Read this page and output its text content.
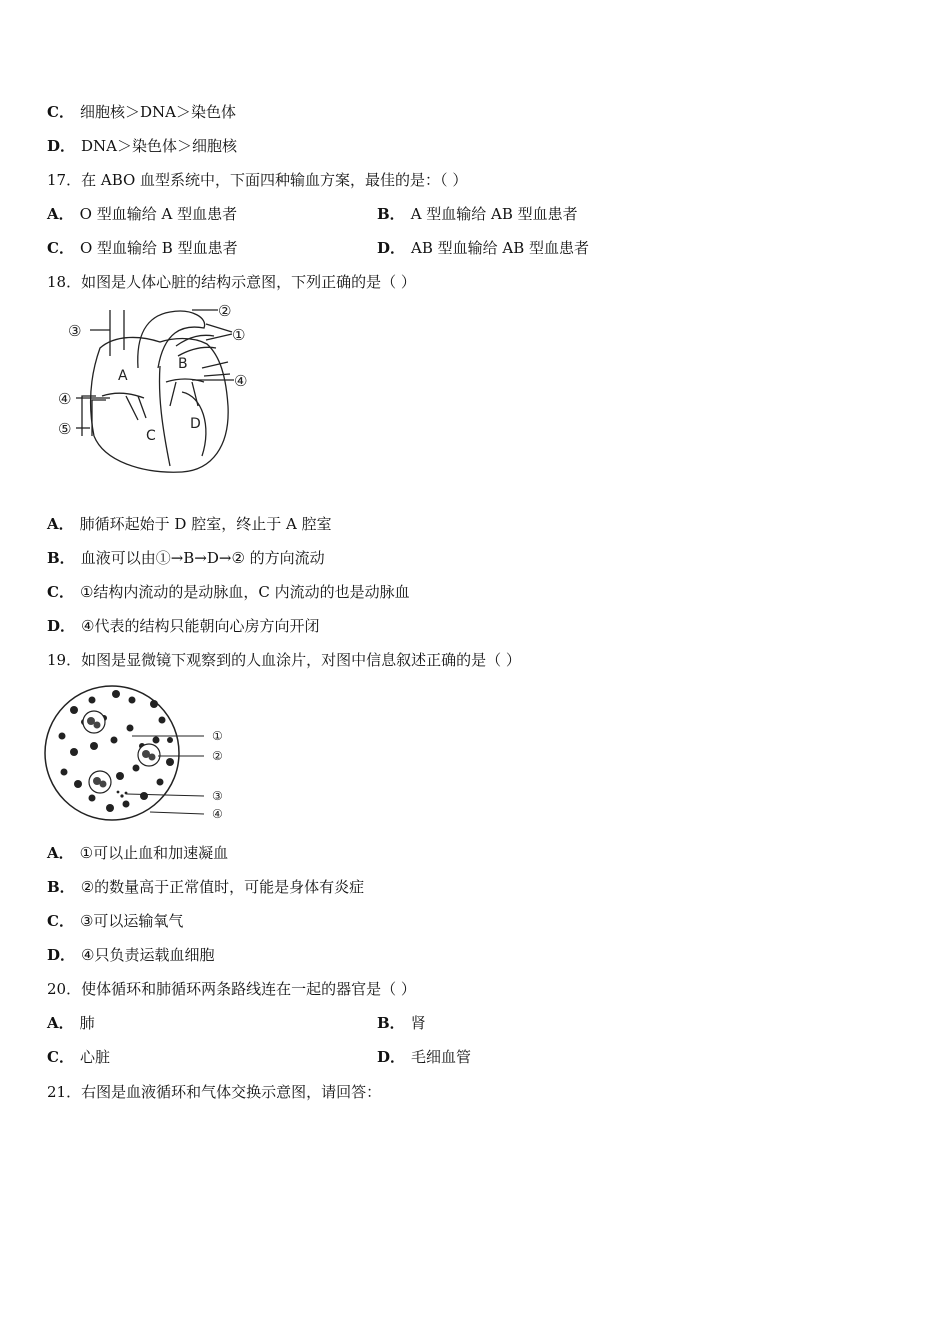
C． 细胞核＞DNA＞染色体
D． DNA＞染色体＞细胞核
17．在 ABO 血型系统中，下面四种输血方案，最佳的是：（ ）
A． O 型血输给 A 型血患者	B． A 型血输给 AB 型血患者
C． O 型血输给 B 型血患者	D． AB 型血输给 AB 型血患者
18．如图是人体心脏的结构示意图，下列正确的是（ ）
②
①
③
④
④
⑤
A
B
C
D
A． 肺循环起始于 D 腔室，终止于 A 腔室
B． 血液可以由①→B→D→② 的方向流动
C． ①结构内流动的是动脉血，C 内流动的也是动脉血
D． ④代表的结构只能朝向心房方向开闭
19．如图是显微镜下观察到的人血涂片，对图中信息叙述正确的是（ ）
①
②
③
④
A． ①可以止血和加速凝血
B． ②的数量高于正常值时，可能是身体有炎症
C． ③可以运输氧气
D． ④只负责运载血细胞
20．使体循环和肺循环两条路线连在一起的器官是（ ）
A． 肺	B． 肾
C． 心脏	D． 毛细血管
21．右图是血液循环和气体交换示意图，请回答：
